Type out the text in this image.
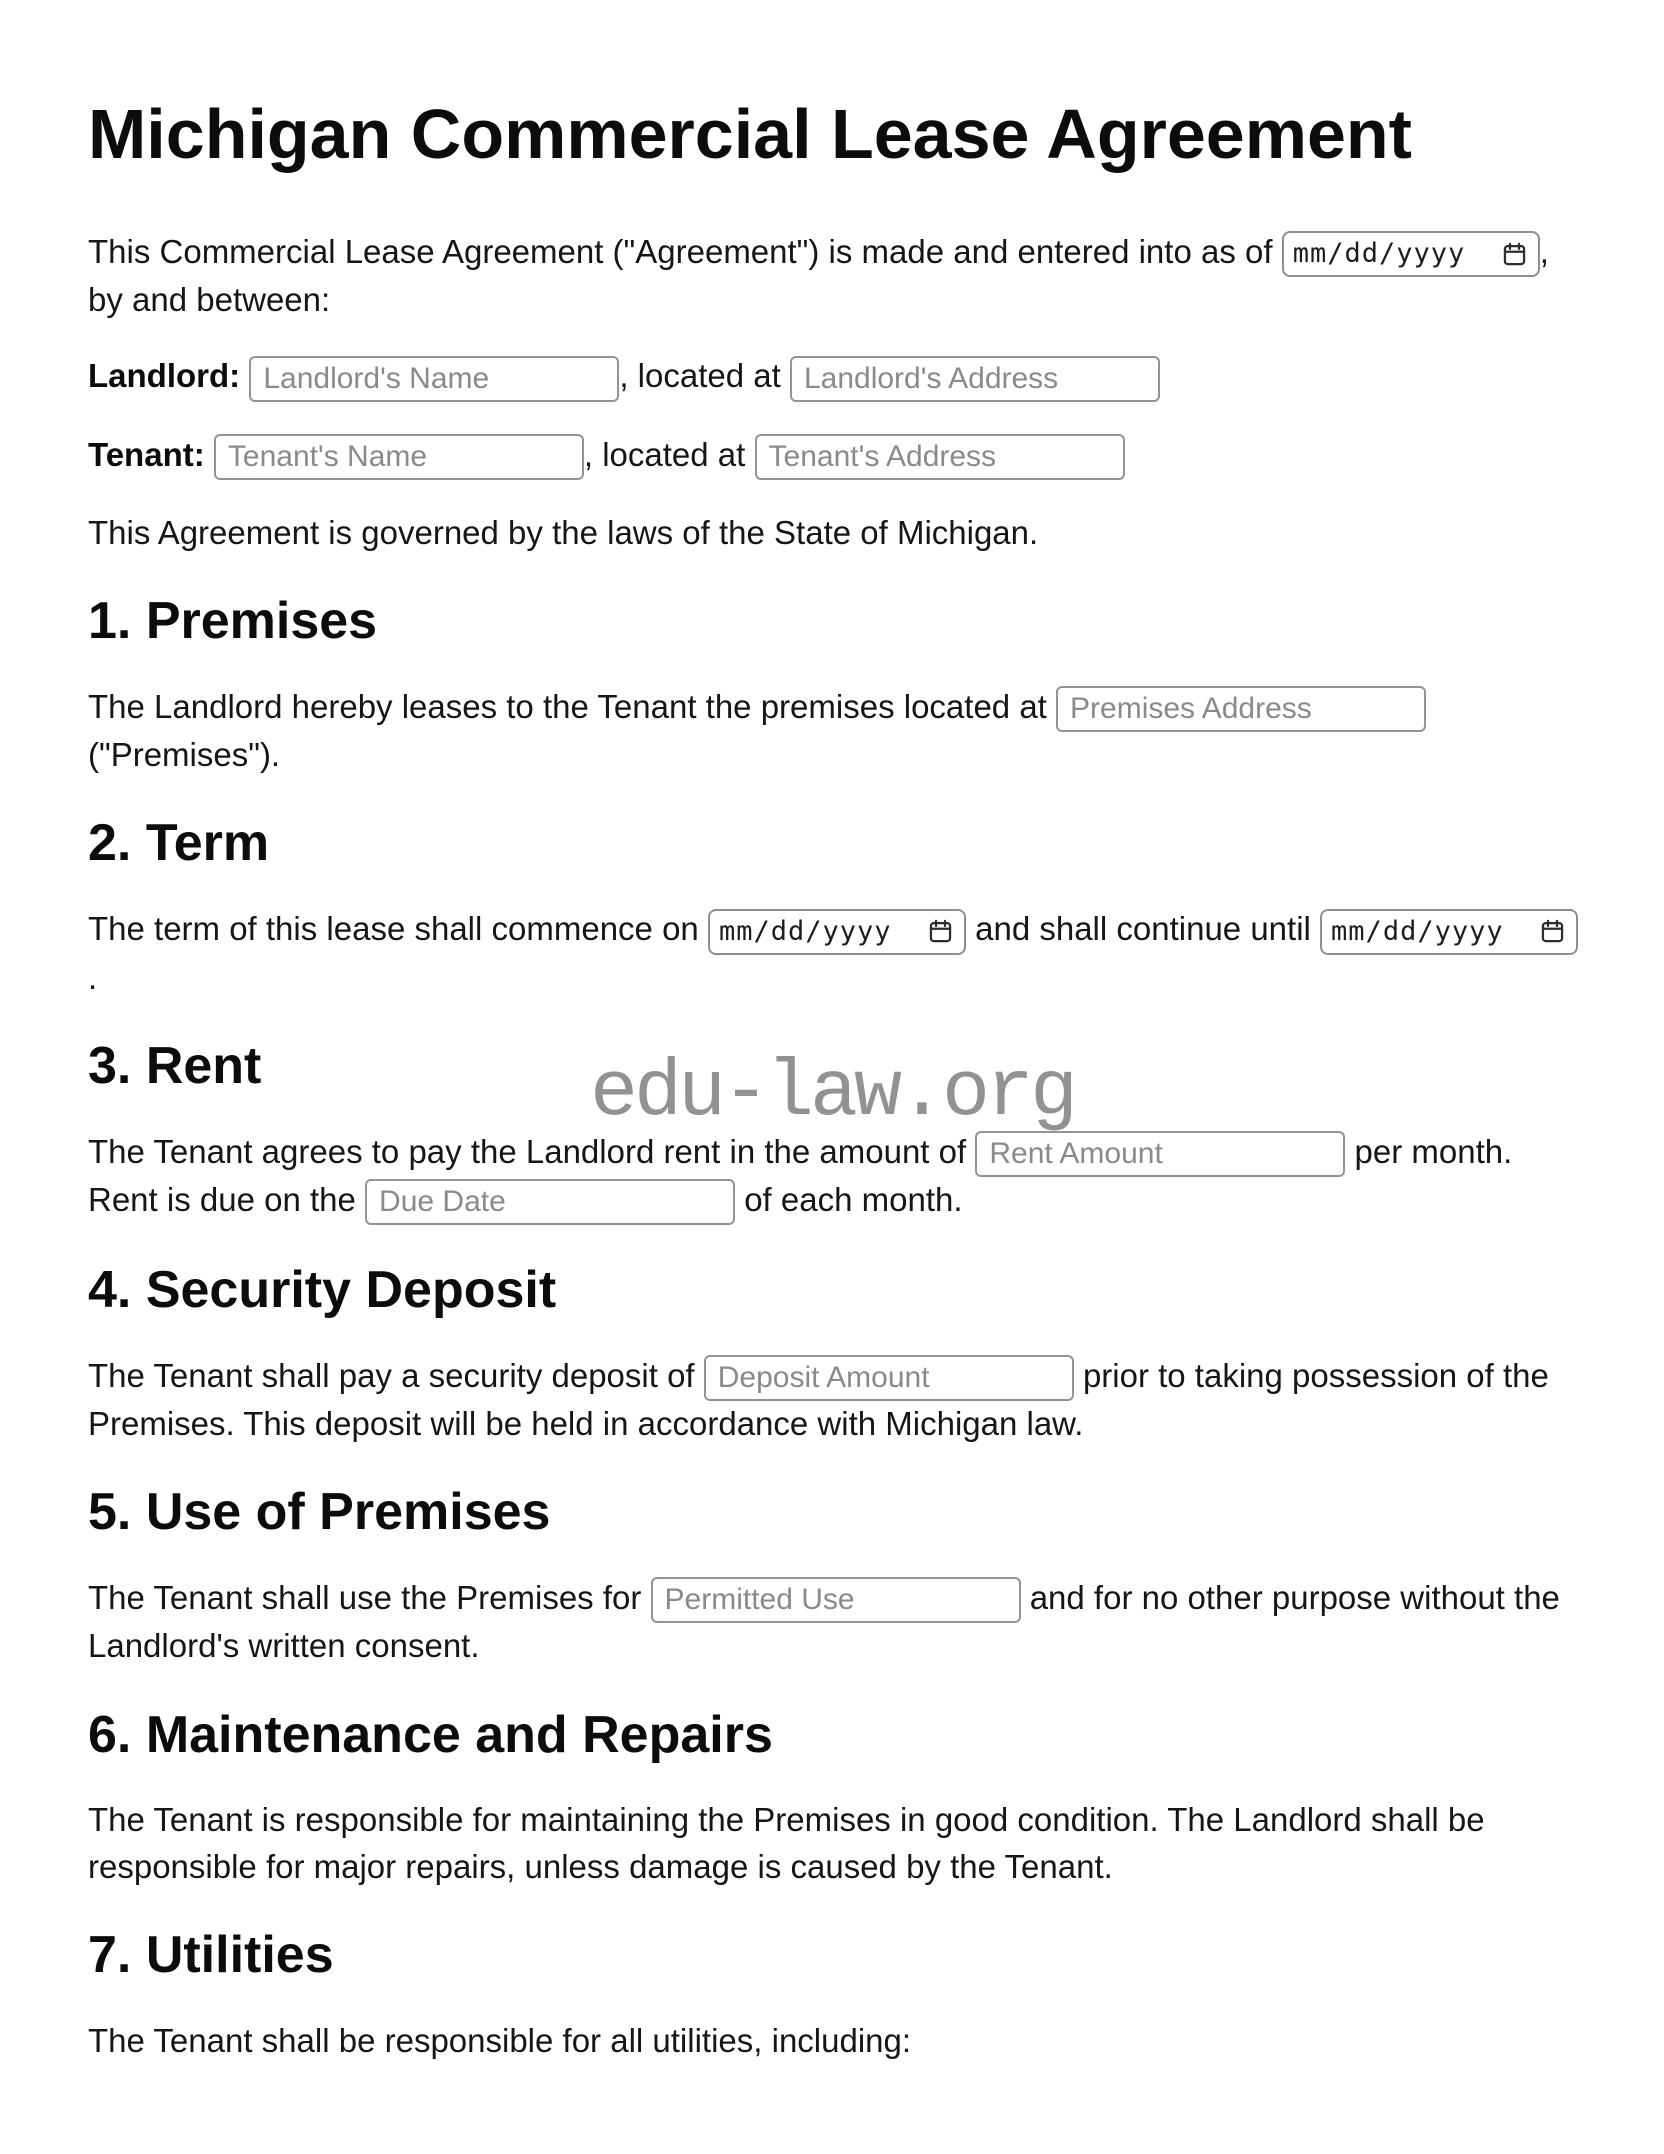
Michigan Commercial Lease Agreement

This Commercial Lease Agreement ("Agreement") is made and entered into as of mm/dd/yyyy , by and between:

Landlord: Landlord's Name	, located at Landlord's Address

Tenant: Tenant's Name	, located at Tenant's Address

This Agreement is governed by the laws of the State of Michigan.

1. Premises

The Landlord hereby leases to the Tenant the premises located at Premises Address ("Premises").

2. Term

The term of this lease shall commence on mm/dd/yyyy	and shall continue until mm/dd/yyyy
.

3. Rent

The Tenant agrees to pay the Landlord rent in the amount of Rent Amount	per month. Rent is due on the Due Date	of each month.

4. Security Deposit

The Tenant shall pay a security deposit of Deposit Amount	prior to taking possession of the Premises. This deposit will be held in accordance with Michigan law.

5. Use of Premises

The Tenant shall use the Premises for Permitted Use	and for no other purpose without the Landlord's written consent.

6. Maintenance and Repairs

The Tenant is responsible for maintaining the Premises in good condition. The Landlord shall be responsible for major repairs, unless damage is caused by the Tenant.

7. Utilities

The Tenant shall be responsible for all utilities, including:

edu-law.org
